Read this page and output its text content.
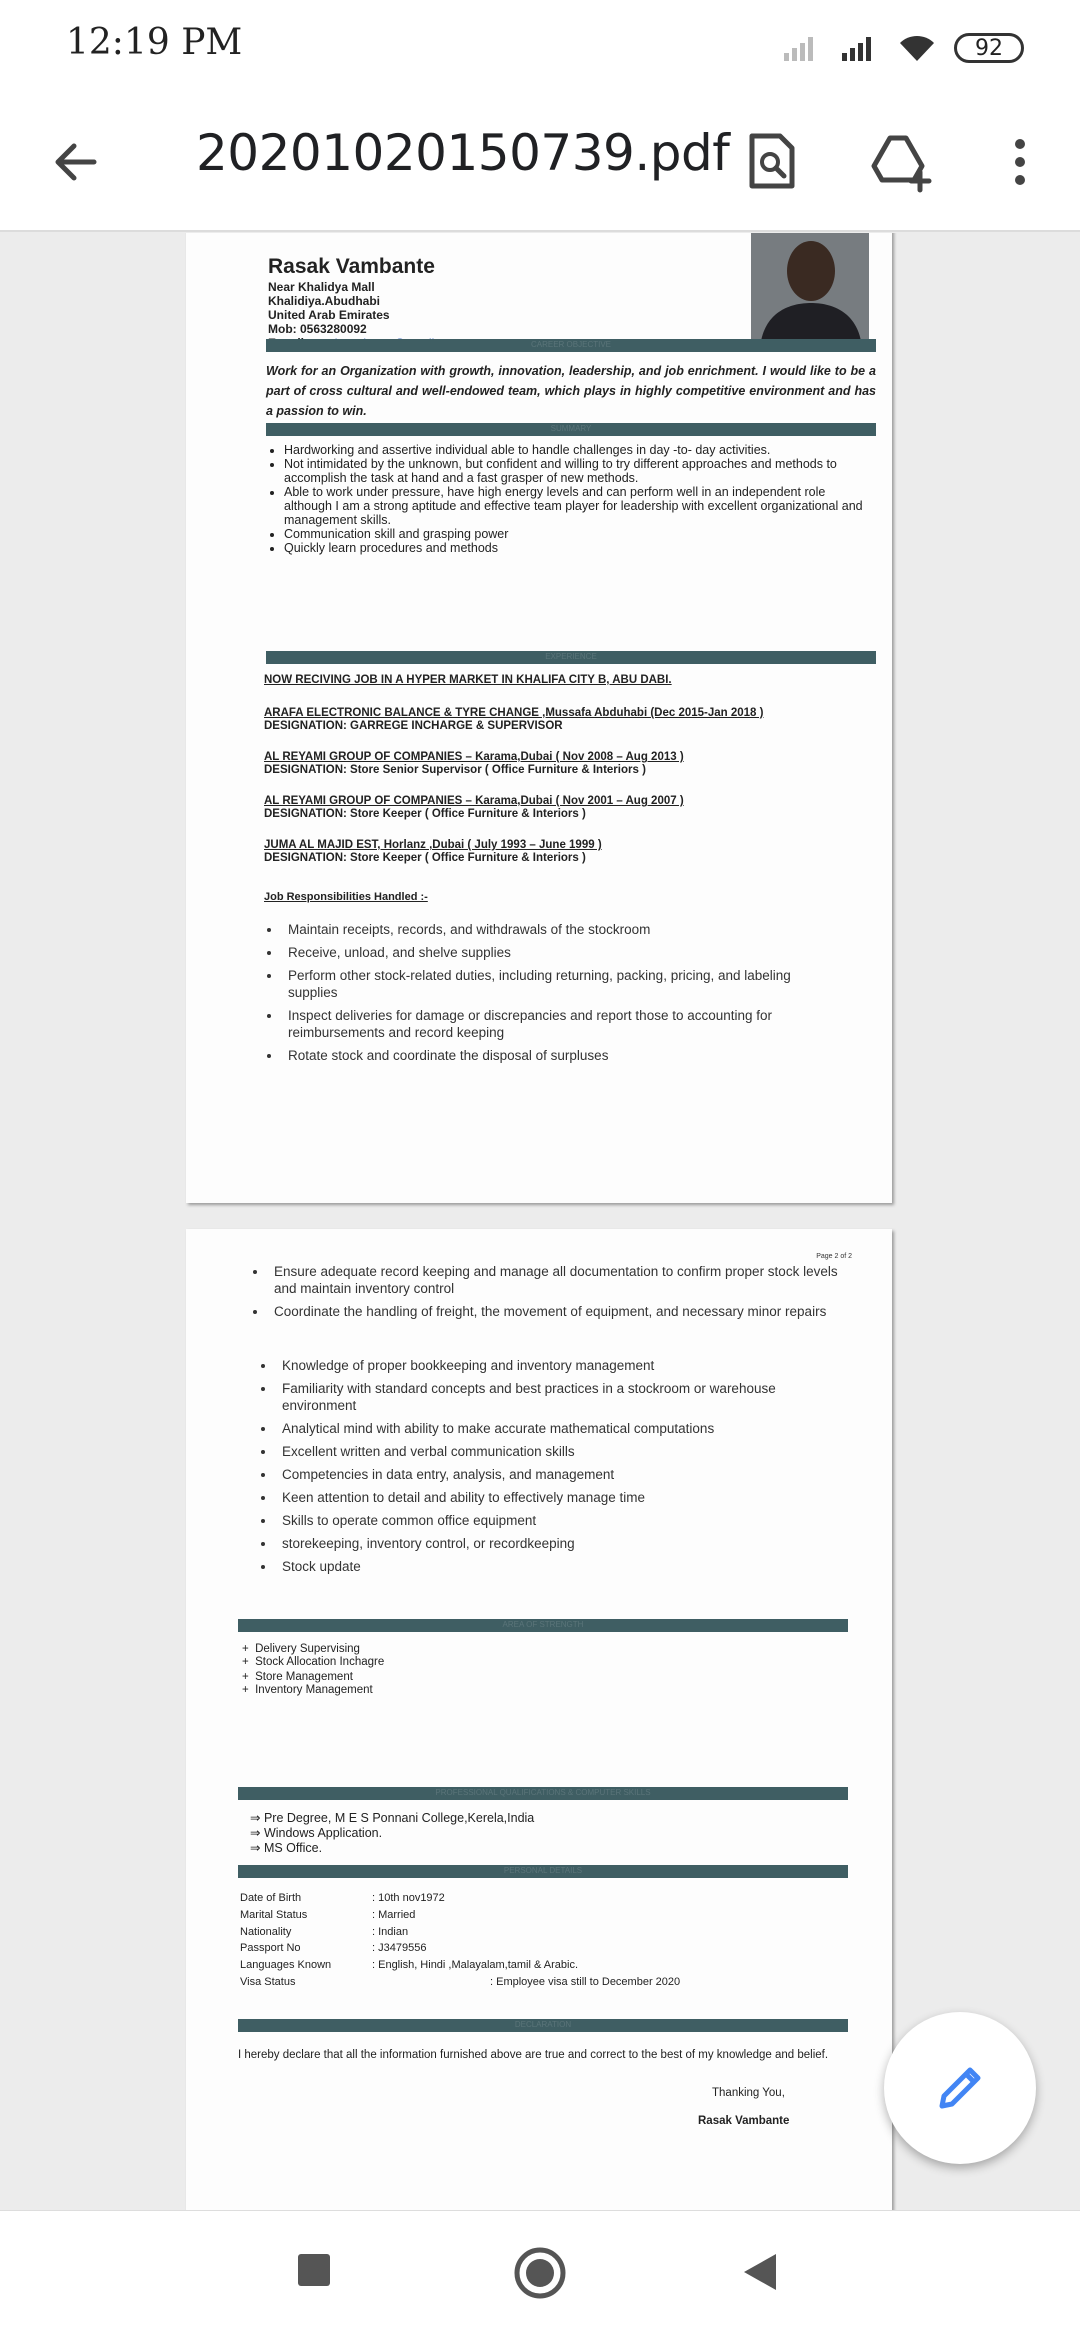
12:19 PM	92
20201020150739.pdf
Rasak Vambante
Near Khalidya Mall
Khalidiya.Abudhabi
United Arab Emirates
Mob: 0563280092
CAREER OBJECTIVE
Work for an Organization with growth, innovation, leadership, and job enrichment. I would like to be a part of cross cultural and well-endowed team, which plays in highly competitive environment and has a passion to win.
SUMMARY
• Hardworking and assertive individual able to handle challenges in day -to- day activities.
• Not intimidated by the unknown, but confident and willing to try different approaches and methods to accomplish the task at hand and a fast grasper of new methods.
• Able to work under pressure, have high energy levels and can perform well in an independent role although I am a strong aptitude and effective team player for leadership with excellent organizational and management skills.
• Communication skill and grasping power
• Quickly learn procedures and methods
EXPERIENCE
NOW RECIVING JOB IN A HYPER MARKET IN KHALIFA CITY B, ABU DABI.
ARAFA ELECTRONIC BALANCE & TYRE CHANGE ,Mussafa Abduhabi (Dec 2015-Jan 2018 )
DESIGNATION: GARREGE INCHARGE & SUPERVISOR
AL REYAMI GROUP OF COMPANIES – Karama,Dubai ( Nov 2008 – Aug 2013 )
DESIGNATION: Store Senior Supervisor ( Office Furniture & Interiors )
AL REYAMI GROUP OF COMPANIES – Karama,Dubai ( Nov 2001 – Aug 2007 )
DESIGNATION: Store Keeper ( Office Furniture & Interiors )
JUMA AL MAJID EST, Horlanz ,Dubai ( July 1993 – June 1999 )
DESIGNATION: Store Keeper ( Office Furniture & Interiors )
Job Responsibilities Handled :-
• Maintain receipts, records, and withdrawals of the stockroom
• Receive, unload, and shelve supplies
• Perform other stock-related duties, including returning, packing, pricing, and labeling supplies
• Inspect deliveries for damage or discrepancies and report those to accounting for reimbursements and record keeping
• Rotate stock and coordinate the disposal of surpluses
Page 2 of 2
• Ensure adequate record keeping and manage all documentation to confirm proper stock levels and maintain inventory control
• Coordinate the handling of freight, the movement of equipment, and necessary minor repairs
• Knowledge of proper bookkeeping and inventory management
• Familiarity with standard concepts and best practices in a stockroom or warehouse environment
• Analytical mind with ability to make accurate mathematical computations
• Excellent written and verbal communication skills
• Competencies in data entry, analysis, and management
• Keen attention to detail and ability to effectively manage time
• Skills to operate common office equipment
• storekeeping, inventory control, or recordkeeping
• Stock update
AREA OF STRENGTH
+  Delivery Supervising
+  Stock Allocation Inchagre
+  Store Management
+  Inventory Management
PROFESSIONAL QUALIFICATIONS & COMPUTER SKILLS
⇒ Pre Degree, M E S Ponnani College,Kerela,India
⇒ Windows Application.
⇒ MS Office.
PERSONAL DETAILS
Date of Birth	: 10th nov1972
Marital Status	: Married
Nationality	: Indian
Passport No	: J3479556
Languages Known	: English, Hindi ,Malayalam,tamil & Arabic.
Visa Status	: Employee visa still to December 2020
DECLARATION
I hereby declare that all the information furnished above are true and correct to the best of my knowledge and belief.
Thanking You,
Rasak Vambante
